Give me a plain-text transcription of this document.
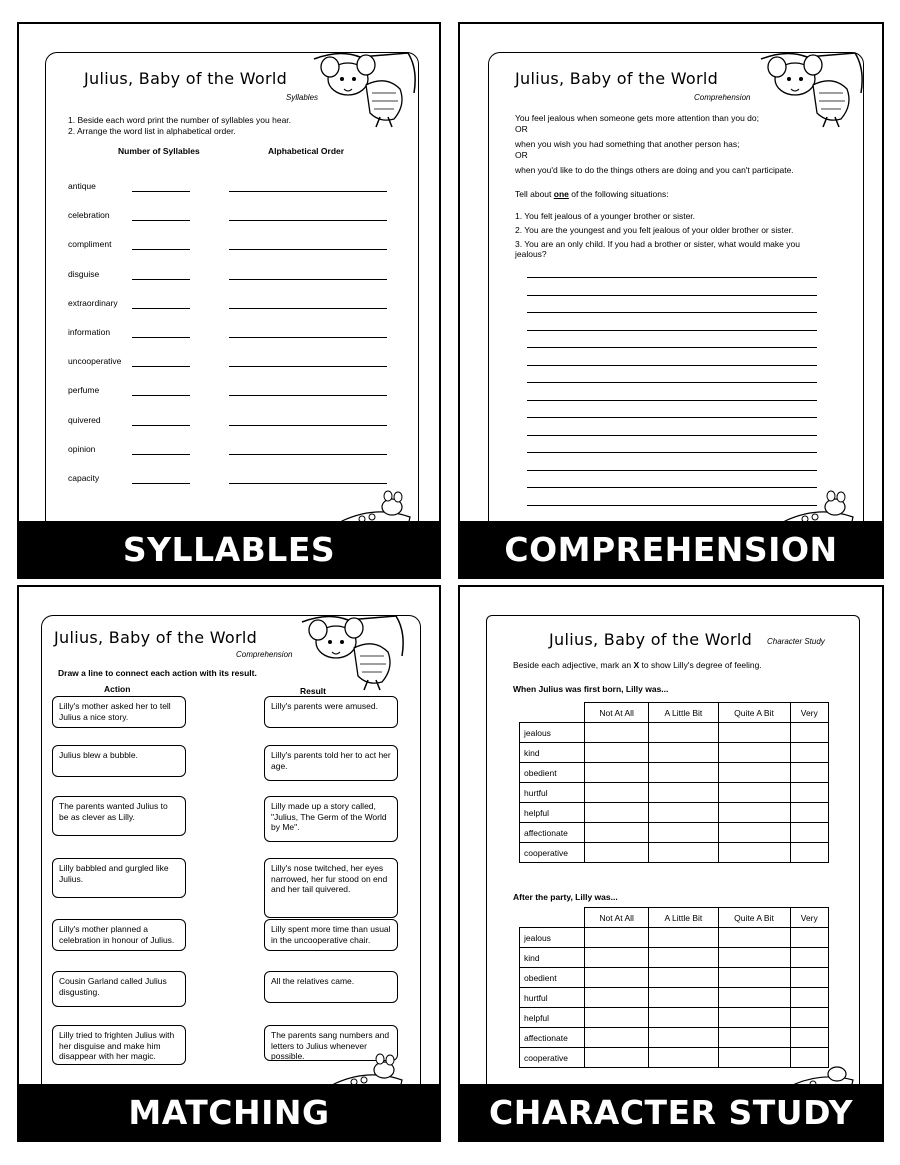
Julius, Baby of the World
Syllables
1. Beside each word print the number of syllables you hear.
2. Arrange the word list in alphabetical order.
Number of Syllables	Alphabetical Order
antique
celebration
compliment
disguise
extraordinary
information
uncooperative
perfume
quivered
opinion
capacity
SYLLABLES
Julius, Baby of the World
Comprehension
You feel jealous when someone gets more attention than you do;
OR
when you wish you had something that another person has;
OR
when you'd like to do the things others are doing and you can't participate.
Tell about one of the following situations:
1. You felt jealous of a younger brother or sister.
2. You are the youngest and you felt jealous of your older brother or sister.
3. You are an only child. If you had a brother or sister, what would make you
jealous?
COMPREHENSION
Julius, Baby of the World
Comprehension
Draw a line to connect each action with its result.
Action	Result
Lilly's mother asked her to tell Julius a nice story.
Lilly's parents were amused.
Julius blew a bubble.	Lilly's parents told her to act her age.
The parents wanted Julius to be as clever as Lilly.
Lilly made up a story called, "Julius, The Germ of the World by Me".
Lilly babbled and gurgled like Julius.
Lilly's nose twitched, her eyes narrowed, her fur stood on end and her tail quivered.
Lilly's mother planned a celebration in honour of Julius.
Lilly spent more time than usual in the uncooperative chair.
Cousin Garland called Julius disgusting.
All the relatives came.
Lilly tried to frighten Julius with her disguise and make him disappear with her magic.
The parents sang numbers and letters to Julius whenever possible.
MATCHING
Julius, Baby of the World Character Study
Beside each adjective, mark an X to show Lilly's degree of feeling.
When Julius was first born, Lilly was...
	Not At All	A Little Bit	Quite A Bit	Very
jealous				
kind				
obedient				
hurtful				
helpful				
affectionate				
cooperative				
After the party, Lilly was...
	Not At All	A Little Bit	Quite A Bit	Very
jealous				
kind				
obedient				
hurtful				
helpful				
affectionate				
cooperative				
CHARACTER STUDY
